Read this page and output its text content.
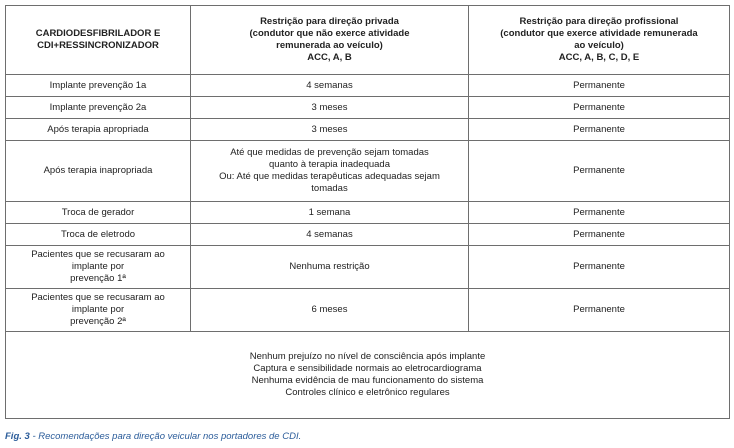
CARDIODESFIBRILADOR E
CDI+RESSINCRONIZADOR	Restrição para direção privada
(condutor que não exerce atividade
remunerada ao veículo)
ACC, A, B	Restrição para direção profissional
(condutor que exerce atividade remunerada
ao veículo)
ACC, A, B, C, D, E

Implante prevenção 1a	4 semanas	Permanente

Implante prevenção 2a	3 meses	Permanente

Após terapia apropriada	3 meses	Permanente

Após terapia inapropriada	Até que medidas de prevenção sejam tomadas
quanto à terapia inadequada
Ou: Até que medidas terapêuticas adequadas sejam
tomadas	Permanente

Troca de gerador	1 semana	Permanente

Troca de eletrodo	4 semanas	Permanente

Pacientes que se recusaram ao implante por
prevenção 1ª	Nenhuma restrição	Permanente

Pacientes que se recusaram ao implante por
prevenção 2ª	6 meses	Permanente

Nenhum prejuízo no nível de consciência após implante
Captura e sensibilidade normais ao eletrocardiograma
Nenhuma evidência de mau funcionamento do sistema
Controles clínico e eletrônico regulares		
Fig. 3 - Recomendações para direção veicular nos portadores de CDI.
